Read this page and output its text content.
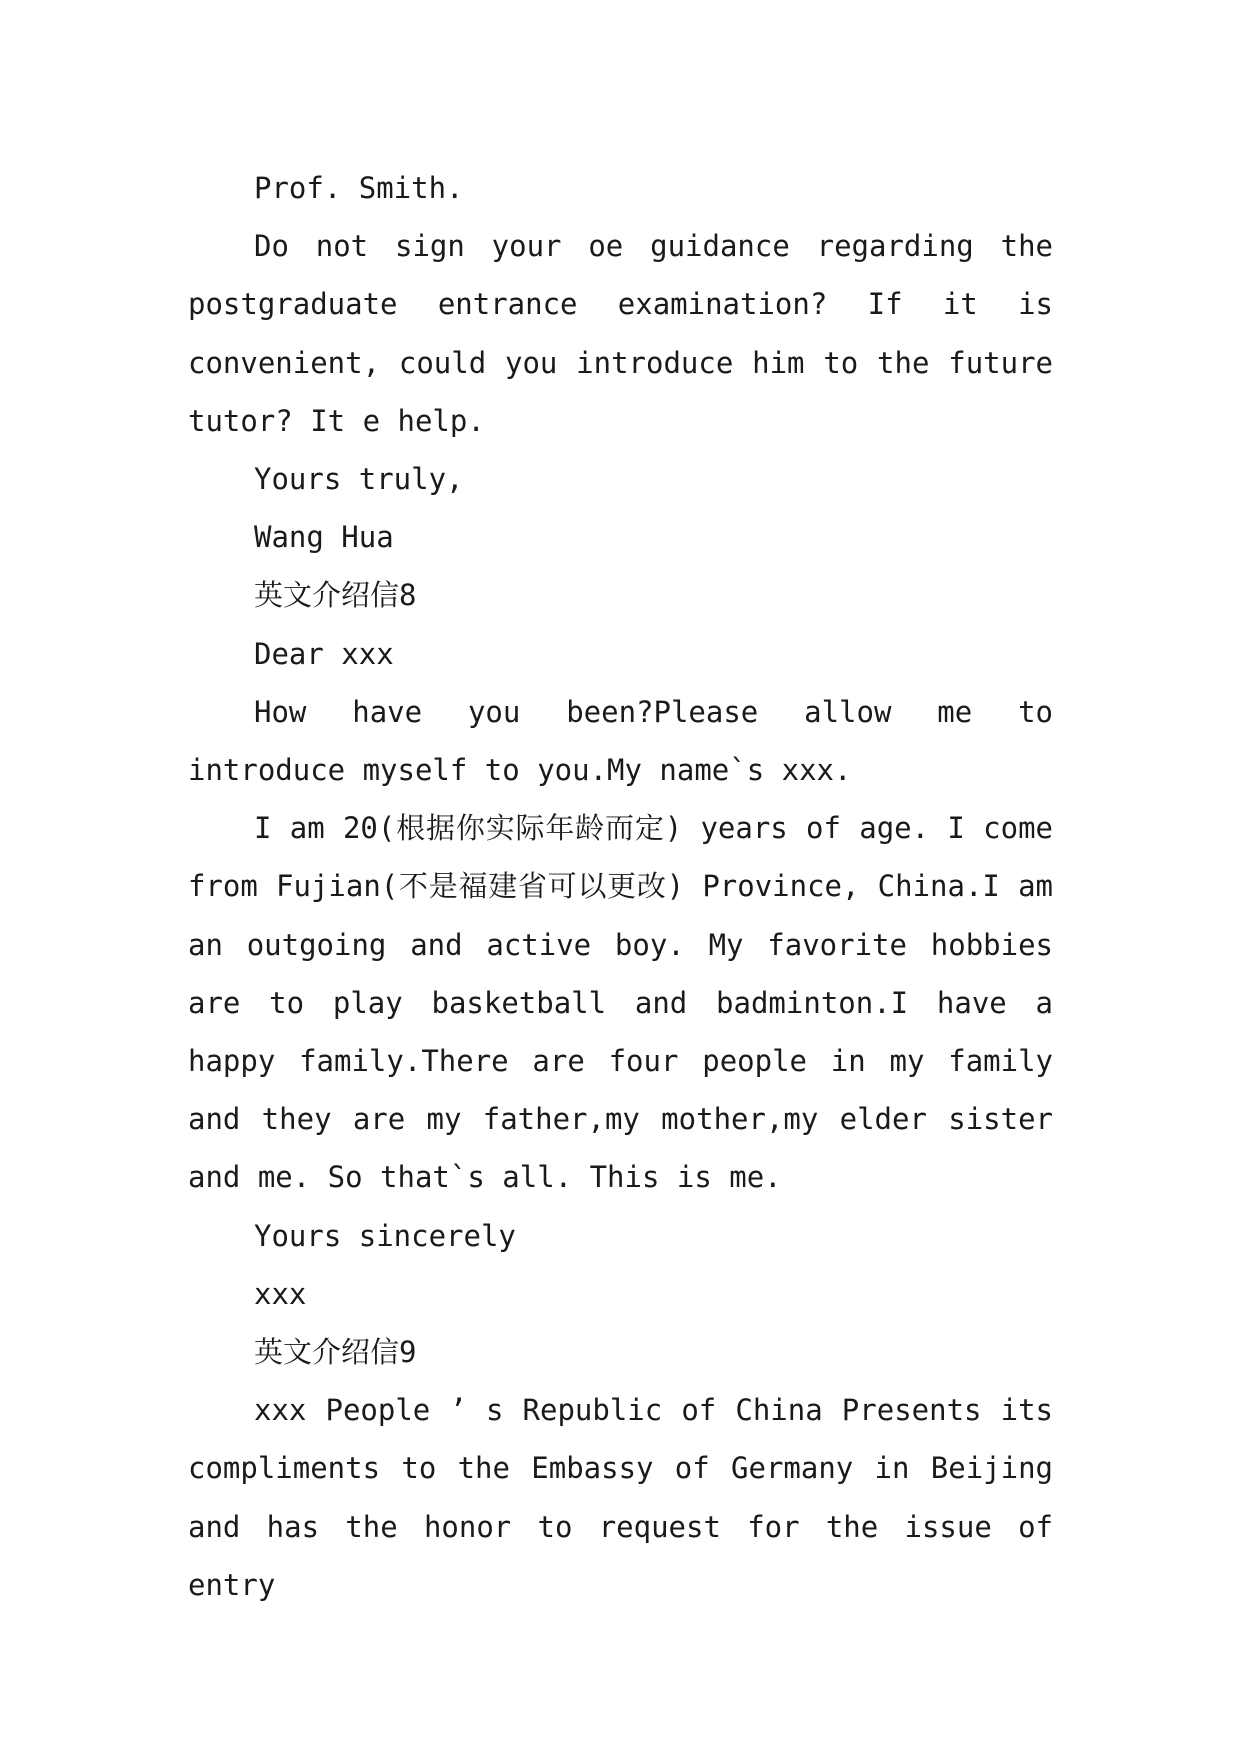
Prof. Smith.

Do not sign your oe guidance regarding the postgraduate entrance examination? If it is convenient, could you introduce him to the future tutor? It e help.

Yours truly,

Wang Hua

英文介绍信8

Dear xxx

How have you been?Please allow me to introduce myself to you.My name`s xxx.

I am 20(根据你实际年龄而定) years of age. I come from Fujian(不是福建省可以更改) Province, China.I am an outgoing and active boy. My favorite hobbies are to play basketball and badminton.I have a happy family.There are four people in my family and they are my father,my mother,my elder sister and me. So that`s all. This is me.

Yours sincerely

xxx

英文介绍信9

xxx People ’ s Republic of China Presents its compliments to the Embassy of Germany in Beijing and has the honor to request for the issue of entry
